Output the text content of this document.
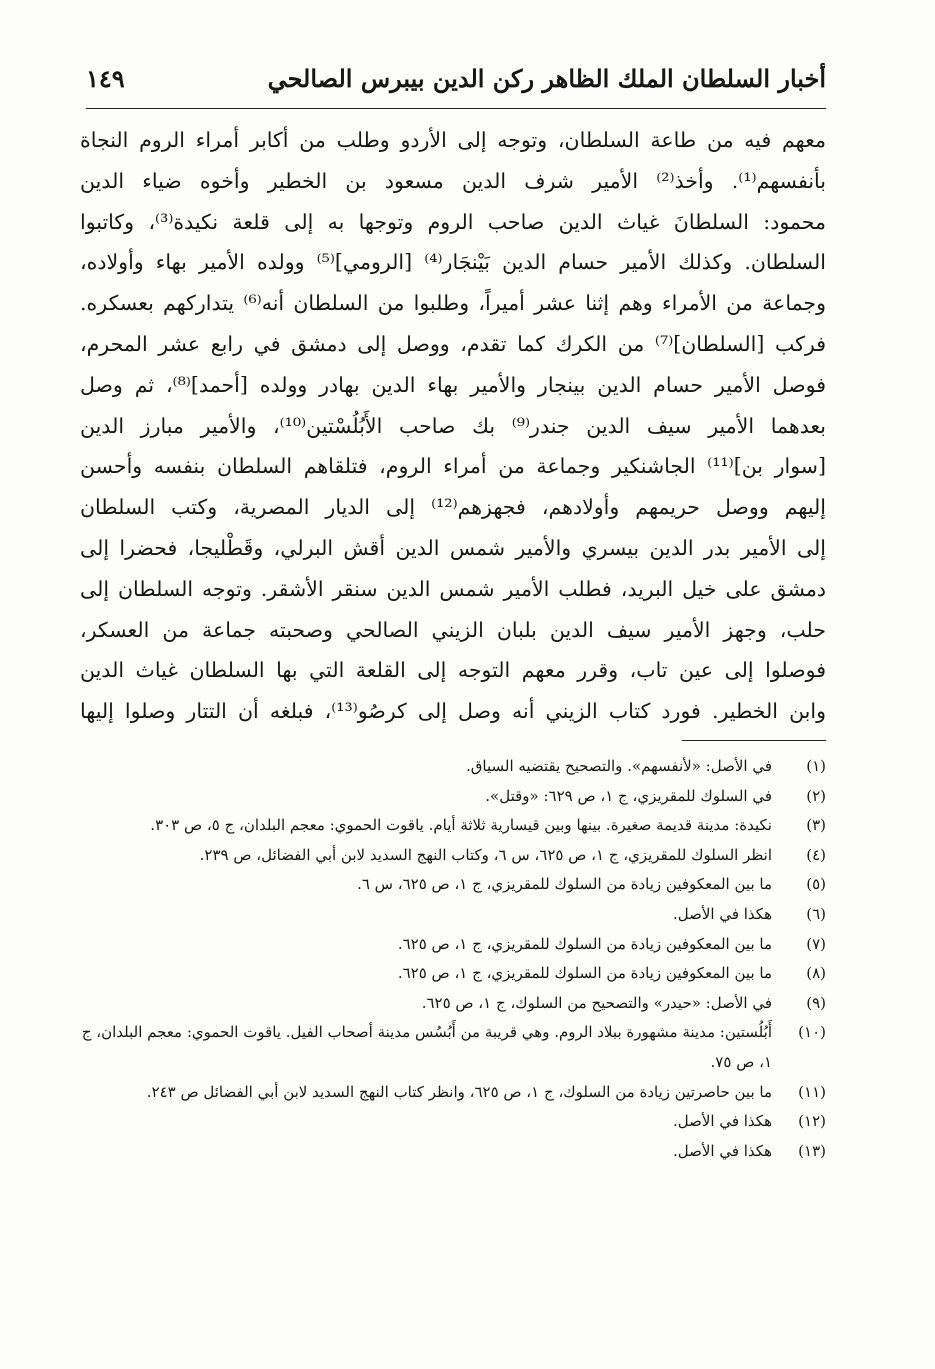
أخبار السلطان الملك الظاهر ركن الدين بيبرس الصالحي
١٤٩
معهم فيه من طاعة السلطان، وتوجه إلى الأردو وطلب من أكابر أمراء الروم النجاة
بأنفسهم⁽¹⁾. وأخذ⁽²⁾ الأمير شرف الدين مسعود بن الخطير وأخوه ضياء الدين
محمود: السلطانَ غياث الدين صاحب الروم وتوجها به إلى قلعة نكيدة⁽³⁾، وكاتبوا
السلطان. وكذلك الأمير حسام الدين بَيْنجَار⁽⁴⁾ [الرومي]⁽⁵⁾ وولده الأمير بهاء وأولاده،
وجماعة من الأمراء وهم إثنا عشر أميراً، وطلبوا من السلطان أنه⁽⁶⁾ يتداركهم بعسكره.
فركب [السلطان]⁽⁷⁾ من الكرك كما تقدم، ووصل إلى دمشق في رابع عشر المحرم،
فوصل الأمير حسام الدين بينجار والأمير بهاء الدين بهادر وولده [أحمد]⁽⁸⁾، ثم وصل
بعدهما الأمير سيف الدين جندر⁽⁹⁾ بك صاحب الأَبُلُسْتين⁽¹⁰⁾، والأمير مبارز الدين
[سوار بن]⁽¹¹⁾ الجاشنكير وجماعة من أمراء الروم، فتلقاهم السلطان بنفسه وأحسن
إليهم ووصل حريمهم وأولادهم، فجهزهم⁽¹²⁾ إلى الديار المصرية، وكتب السلطان
إلى الأمير بدر الدين بيسري والأمير شمس الدين أقش البرلي، وقَطْليجا، فحضرا إلى
دمشق على خيل البريد، فطلب الأمير شمس الدين سنقر الأشقر. وتوجه السلطان إلى
حلب، وجهز الأمير سيف الدين بلبان الزيني الصالحي وصحبته جماعة من العسكر،
فوصلوا إلى عين تاب، وقرر معهم التوجه إلى القلعة التي بها السلطان غياث الدين
وابن الخطير. فورد كتاب الزيني أنه وصل إلى كرصُو⁽¹³⁾، فبلغه أن التتار وصلوا إليها
(١)
في الأصل: «لأنفسهم». والتصحيح يقتضيه السياق.
(٢)
في السلوك للمقريزي، ج ١، ص ٦٢٩: «وقتل».
(٣)
نكيدة: مدينة قديمة صغيرة. بينها وبين قيسارية ثلاثة أيام. ياقوت الحموي: معجم البلدان، ج ٥، ص ٣٠٣.
(٤)
انظر السلوك للمقريزي، ج ١، ص ٦٢٥، س ٦، وكتاب النهج السديد لابن أبي الفضائل، ص ٢٣٩.
(٥)
ما بين المعكوفين زيادة من السلوك للمقريزي، ج ١، ص ٦٢٥، س ٦.
(٦)
هكذا في الأصل.
(٧)
ما بين المعكوفين زيادة من السلوك للمقريزي، ج ١، ص ٦٢٥.
(٨)
ما بين المعكوفين زيادة من السلوك للمقريزي، ج ١، ص ٦٢٥.
(٩)
في الأصل: «حيدر» والتصحيح من السلوك، ج ١، ص ٦٢٥.
(١٠)
أَبُلُستين: مدينة مشهورة ببلاد الروم. وهي قريبة من أَبُسُس مدينة أصحاب الفيل. ياقوت الحموي: معجم البلدان، ج ١، ص ٧٥.
(١١)
ما بين حاصرتين زيادة من السلوك، ج ١، ص ٦٢٥، وانظر كتاب النهج السديد لابن أبي الفضائل ص ٢٤٣.
(١٢)
هكذا في الأصل.
(١٣)
هكذا في الأصل.
